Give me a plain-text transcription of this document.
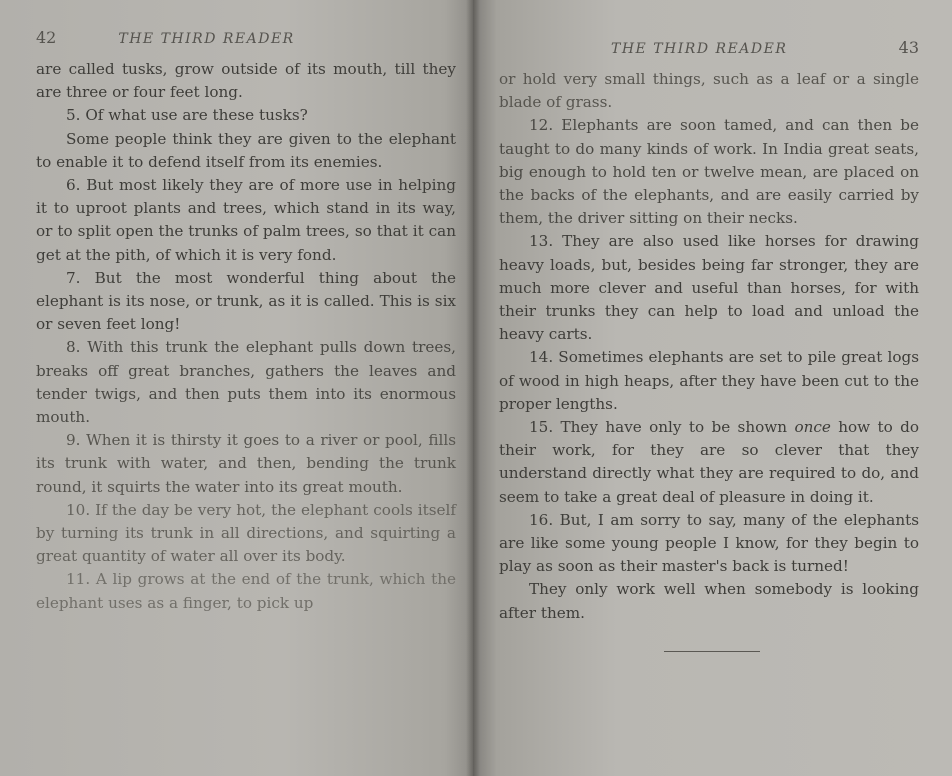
42	THE THIRD READER

are called tusks, grow outside of its mouth, till they are three or four feet long.

5. Of what use are these tusks?

Some people think they are given to the elephant to enable it to defend itself from its enemies.

6. But most likely they are of more use in helping it to uproot plants and trees, which stand in its way, or to split open the trunks of palm trees, so that it can get at the pith, of which it is very fond.

7. But the most wonderful thing about the elephant is its nose, or trunk, as it is called. This is six or seven feet long!

8. With this trunk the elephant pulls down trees, breaks off great branches, gathers the leaves and tender twigs, and then puts them into its enormous mouth.

9. When it is thirsty it goes to a river or pool, fills its trunk with water, and then, bending the trunk round, it squirts the water into its great mouth.

10. If the day be very hot, the elephant cools itself by turning its trunk in all directions, and squirting a great quantity of water all over its body.

11. A lip grows at the end of the trunk, which the elephant uses as a finger, to pick up

THE THIRD READER	43

or hold very small things, such as a leaf or a single blade of grass.

12. Elephants are soon tamed, and can then be taught to do many kinds of work. In India great seats, big enough to hold ten or twelve mean, are placed on the backs of the elephants, and are easily carried by them, the driver sitting on their necks.

13. They are also used like horses for drawing heavy loads, but, besides being far stronger, they are much more clever and useful than horses, for with their trunks they can help to load and unload the heavy carts.

14. Sometimes elephants are set to pile great logs of wood in high heaps, after they have been cut to the proper lengths.

15. They have only to be shown once how to do their work, for they are so clever that they understand directly what they are required to do, and seem to take a great deal of pleasure in doing it.

16. But, I am sorry to say, many of the elephants are like some young people I know, for they begin to play as soon as their master's back is turned!

They only work well when somebody is looking after them.
